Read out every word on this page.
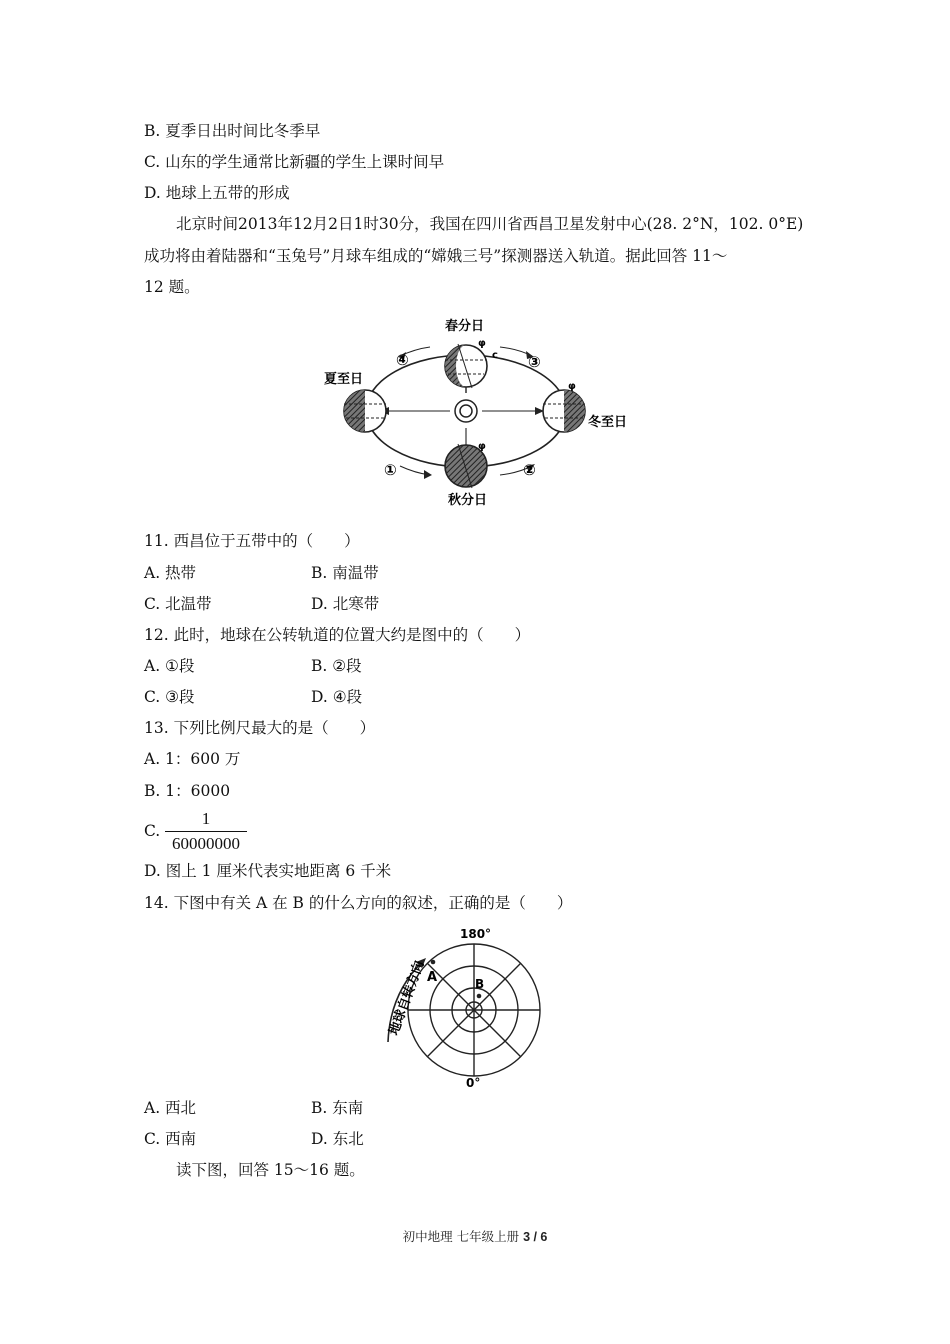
B. 夏季日出时间比冬季早
C. 山东的学生通常比新疆的学生上课时间早
D. 地球上五带的形成
北京时间2013年12月2日1时30分，我国在四川省西昌卫星发射中心(28. 2°N，102. 0°E)
成功将由着陆器和“玉兔号”月球车组成的“嫦娥三号”探测器送入轨道。据此回答 11～
12 题。
φ
φ
φ
春分日
夏至日
秋分日
冬至日
c
④	③
①	②
11. 西昌位于五带中的（　　）
A. 热带	B. 南温带
C. 北温带	D. 北寒带
12. 此时，地球在公转轨道的位置大约是图中的（　　）
A. ①段	B. ②段
C. ③段	D. ④段
13. 下列比例尺最大的是（　　）
A. 1：600 万
B. 1：6000
C.
1
60000000
D. 图上 1 厘米代表实地距离 6 千米
14. 下图中有关 A 在 B 的什么方向的叙述，正确的是（　　）
地球自转方向 A	B
180°
0°
A. 西北	B. 东南
C. 西南	D. 东北
读下图，回答 15～16 题。
初中地理 七年级上册 3 / 6
